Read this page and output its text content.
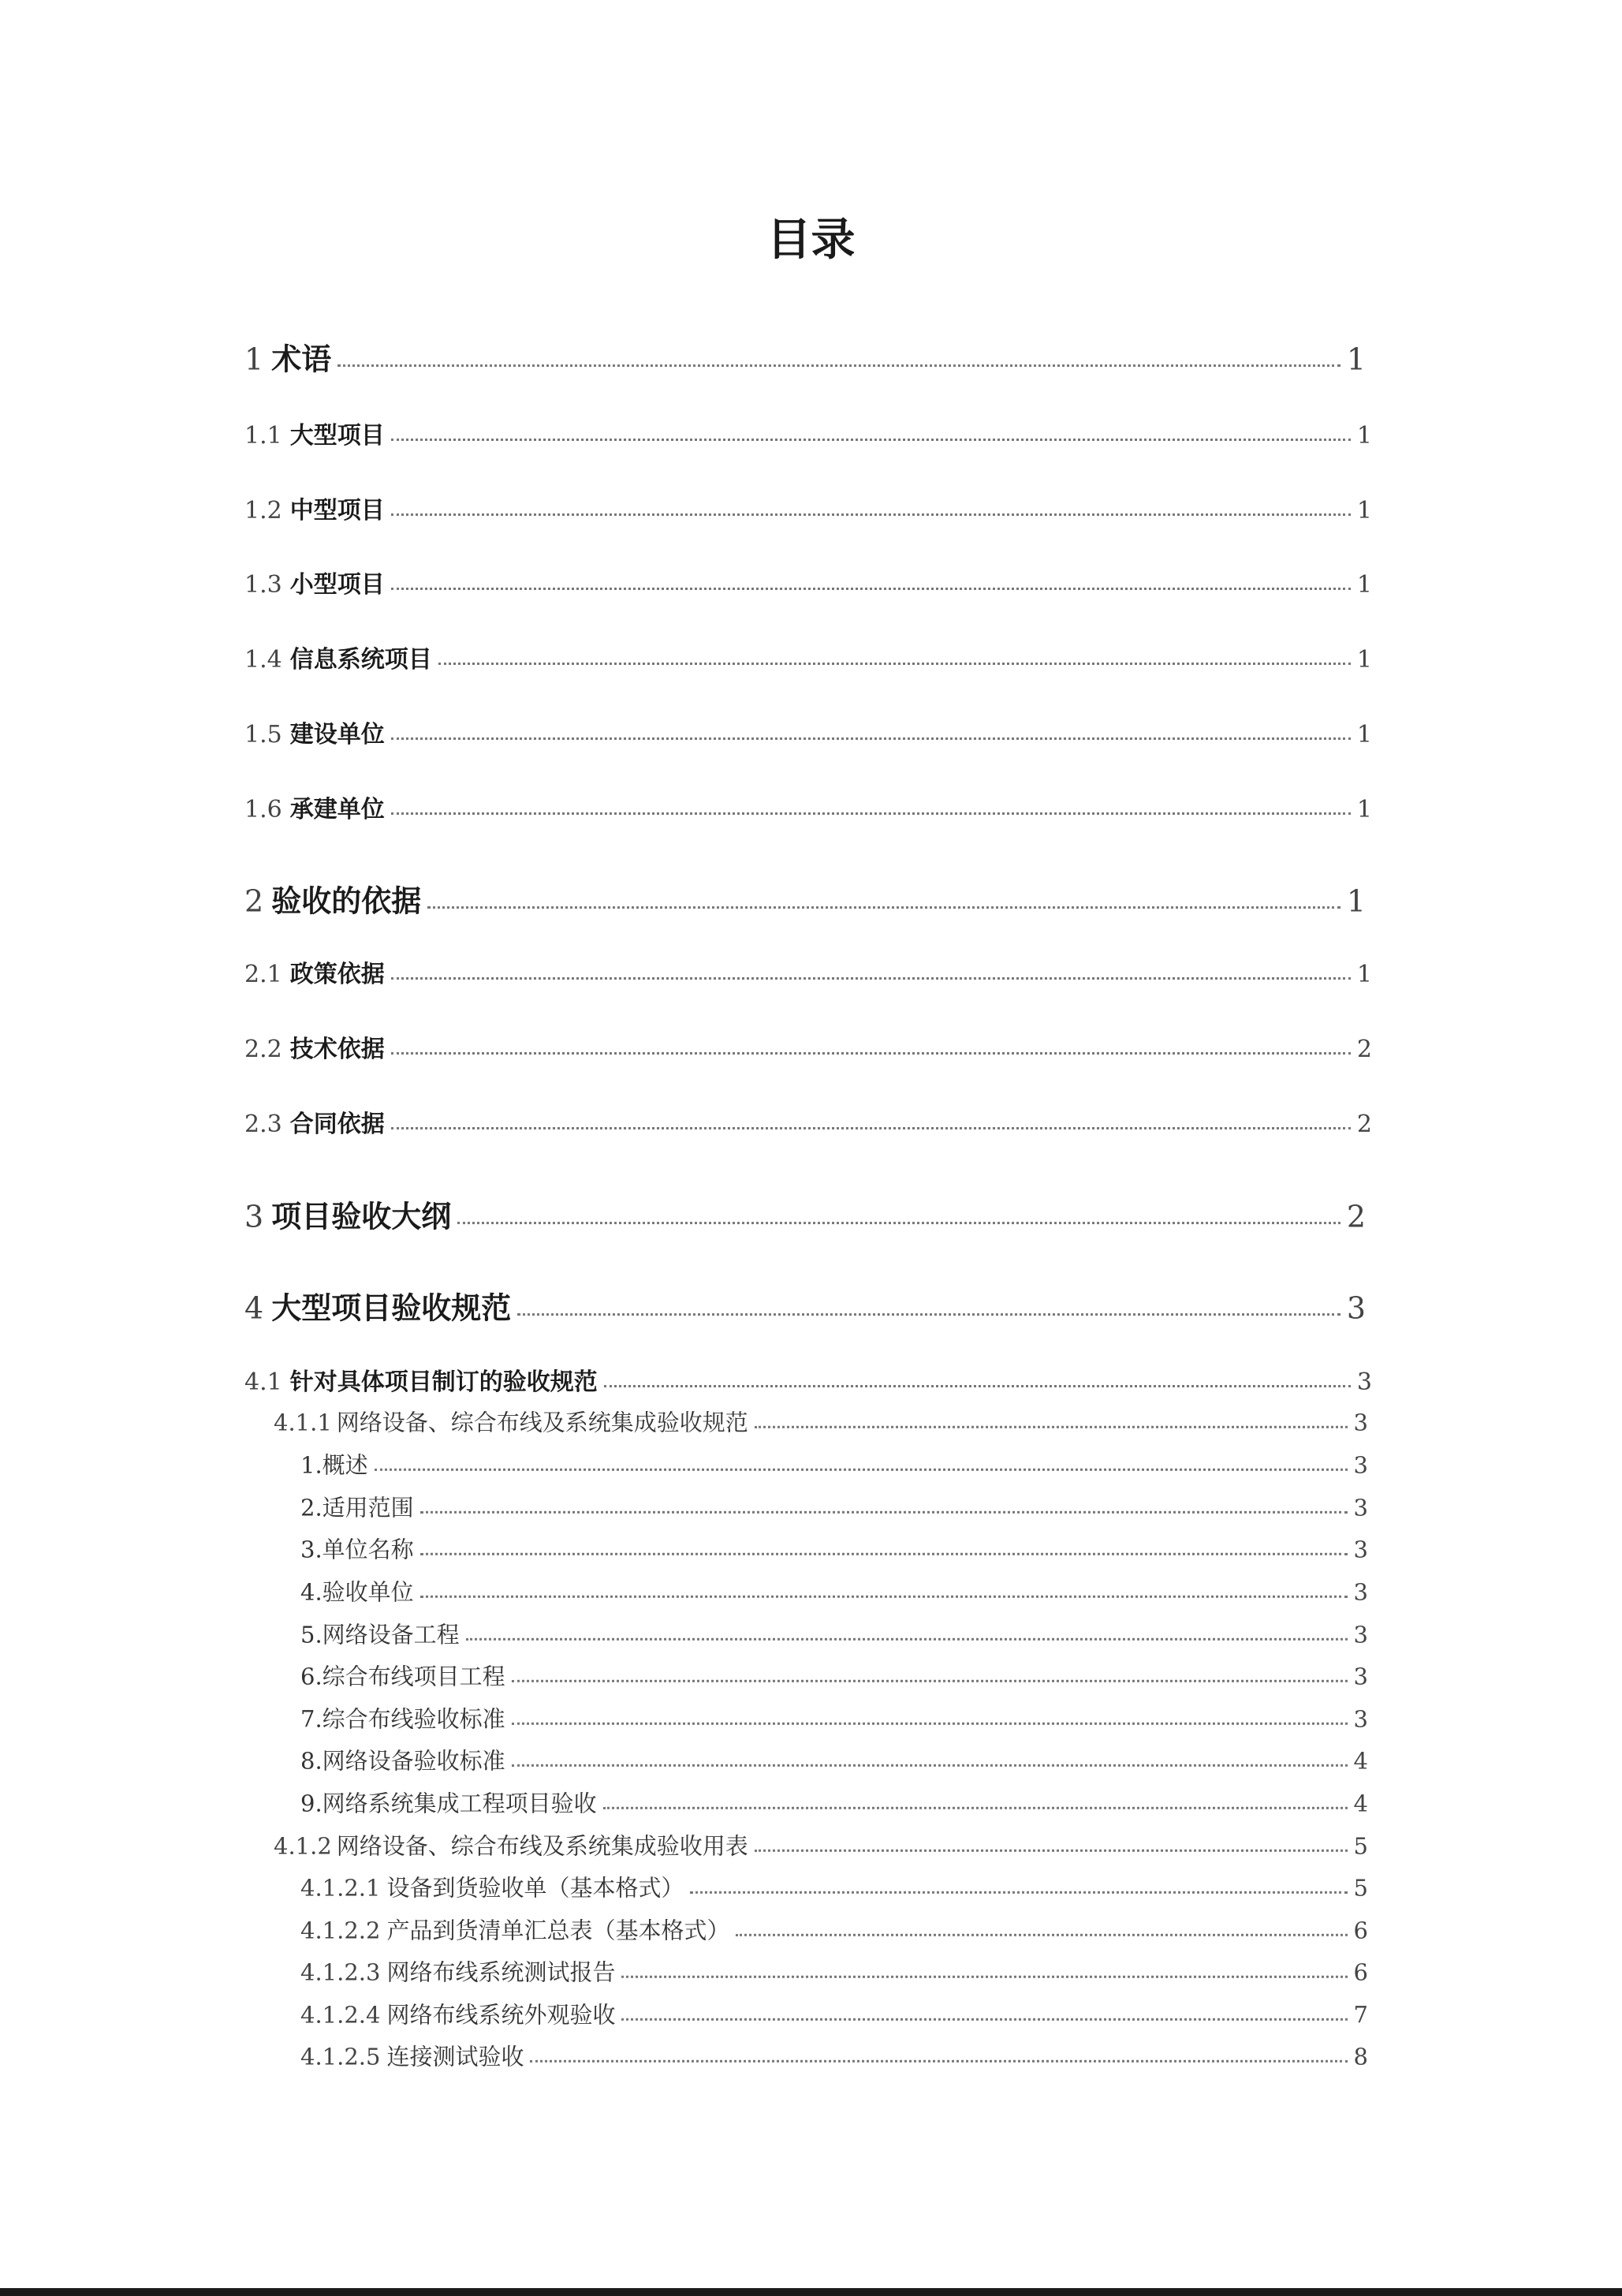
目录
1 术语	1
1.1 大型项目	1
1.2 中型项目	1
1.3 小型项目	1
1.4 信息系统项目	1
1.5 建设单位	1
1.6 承建单位	1
2 验收的依据	1
2.1 政策依据	1
2.2 技术依据	2
2.3 合同依据	2
3 项目验收大纲	2
4 大型项目验收规范	3
4.1 针对具体项目制订的验收规范	3
4.1.1 网络设备、综合布线及系统集成验收规范	3
1.概述	3
2.适用范围	3
3.单位名称	3
4.验收单位	3
5.网络设备工程	3
6.综合布线项目工程	3
7.综合布线验收标准	3
8.网络设备验收标准	4
9.网络系统集成工程项目验收	4
4.1.2 网络设备、综合布线及系统集成验收用表	5
4.1.2.1 设备到货验收单（基本格式）	5
4.1.2.2 产品到货清单汇总表（基本格式）	6
4.1.2.3 网络布线系统测试报告	6
4.1.2.4 网络布线系统外观验收	7
4.1.2.5 连接测试验收	8
